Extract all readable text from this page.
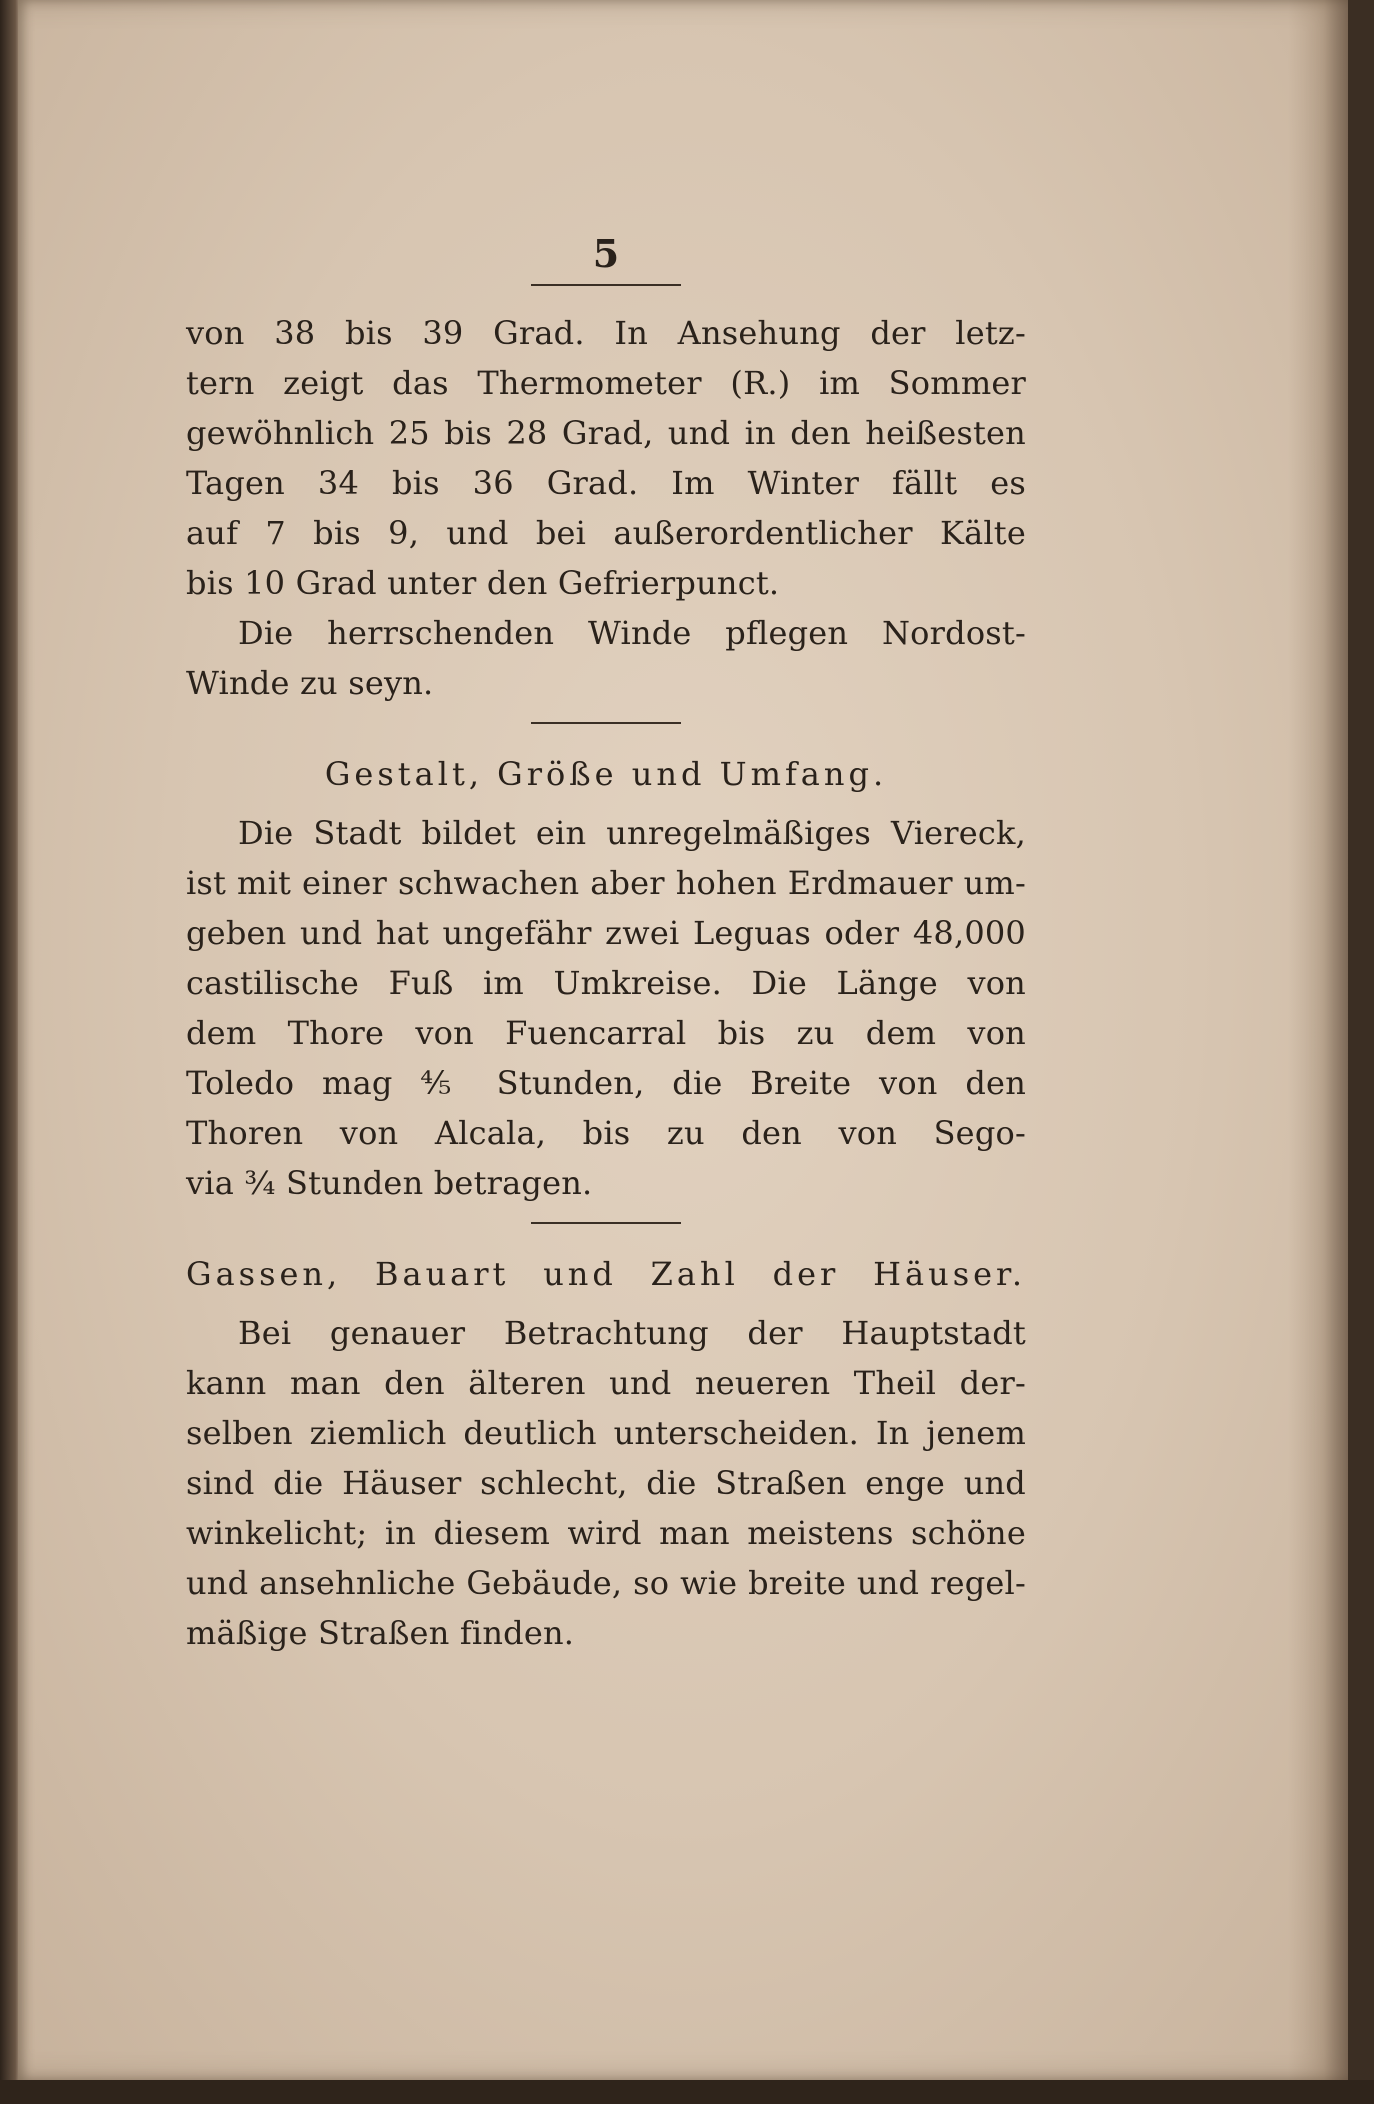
5

von 38 bis 39 Grad. In Ansehung der letz-

tern zeigt das Thermometer (R.) im Sommer

gewöhnlich 25 bis 28 Grad, und in den heißesten

Tagen 34 bis 36 Grad. Im Winter fällt es

auf 7 bis 9, und bei außerordentlicher Kälte

bis 10 Grad unter den Gefrierpunct.

Die herrschenden Winde pflegen Nordost-

Winde zu seyn.

Gestalt, Größe und Umfang.

Die Stadt bildet ein unregelmäßiges Viereck,

ist mit einer schwachen aber hohen Erdmauer um-

geben und hat ungefähr zwei Leguas oder 48,000

castilische Fuß im Umkreise. Die Länge von

dem Thore von Fuencarral bis zu dem von

Toledo mag ⅘ Stunden, die Breite von den

Thoren von Alcala, bis zu den von Sego-

via ¾ Stunden betragen.

Gassen, Bauart und Zahl der Häuser.

Bei genauer Betrachtung der Hauptstadt

kann man den älteren und neueren Theil der-

selben ziemlich deutlich unterscheiden. In jenem

sind die Häuser schlecht, die Straßen enge und

winkelicht; in diesem wird man meistens schöne

und ansehnliche Gebäude, so wie breite und regel-

mäßige Straßen finden.
